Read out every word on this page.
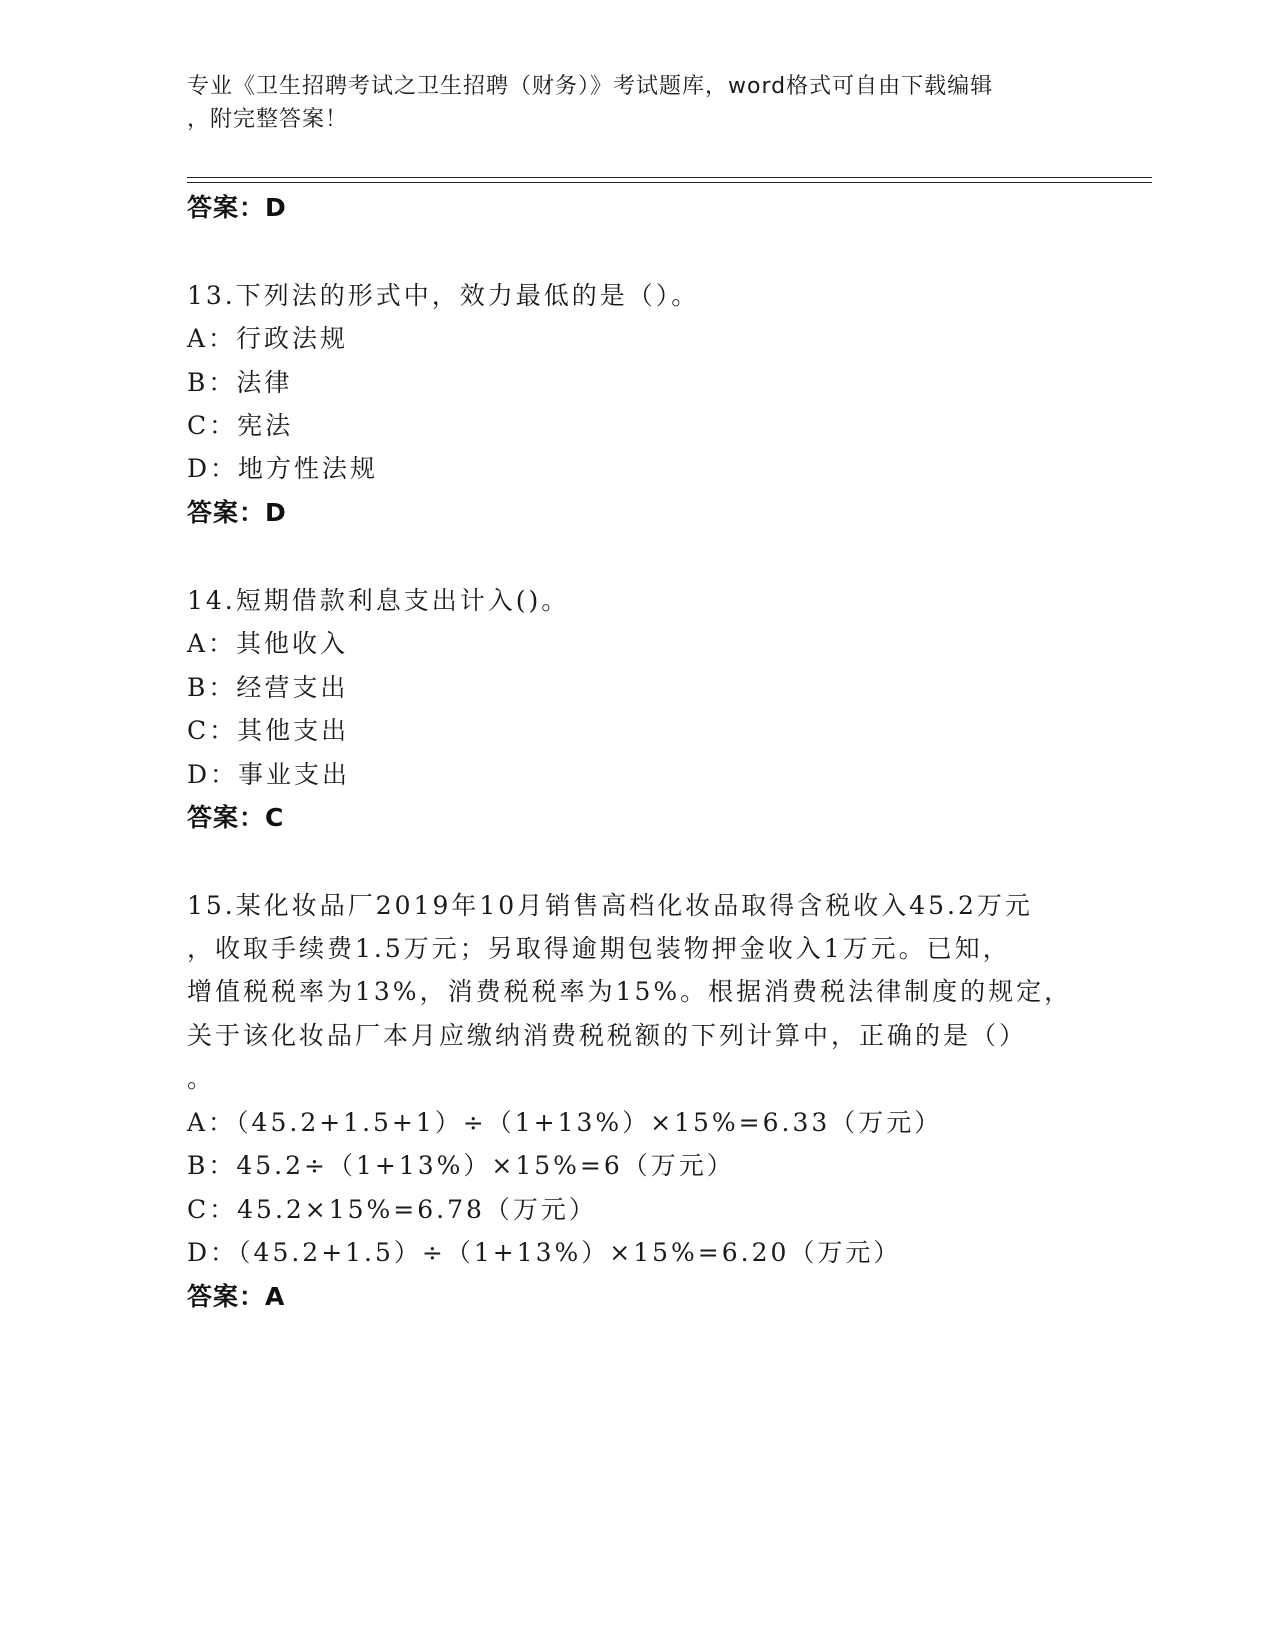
专业《卫生招聘考试之卫生招聘（财务）》考试题库，word格式可自由下载编辑
，附完整答案！
答案：D
13.下列法的形式中，效力最低的是（）。
A：行政法规
B：法律
C：宪法
D：地方性法规
答案：D
14.短期借款利息支出计入()。
A：其他收入
B：经营支出
C：其他支出
D：事业支出
答案：C
15.某化妆品厂2019年10月销售高档化妆品取得含税收入45.2万元
，收取手续费1.5万元；另取得逾期包装物押金收入1万元。已知，
增值税税率为13%，消费税税率为15%。根据消费税法律制度的规定，
关于该化妆品厂本月应缴纳消费税税额的下列计算中，正确的是（）
。
A：（45.2+1.5+1）÷（1+13%）×15%=6.33（万元）
B：45.2÷（1+13%）×15%=6（万元）
C：45.2×15%=6.78（万元）
D：（45.2+1.5）÷（1+13%）×15%=6.20（万元）
答案：A
